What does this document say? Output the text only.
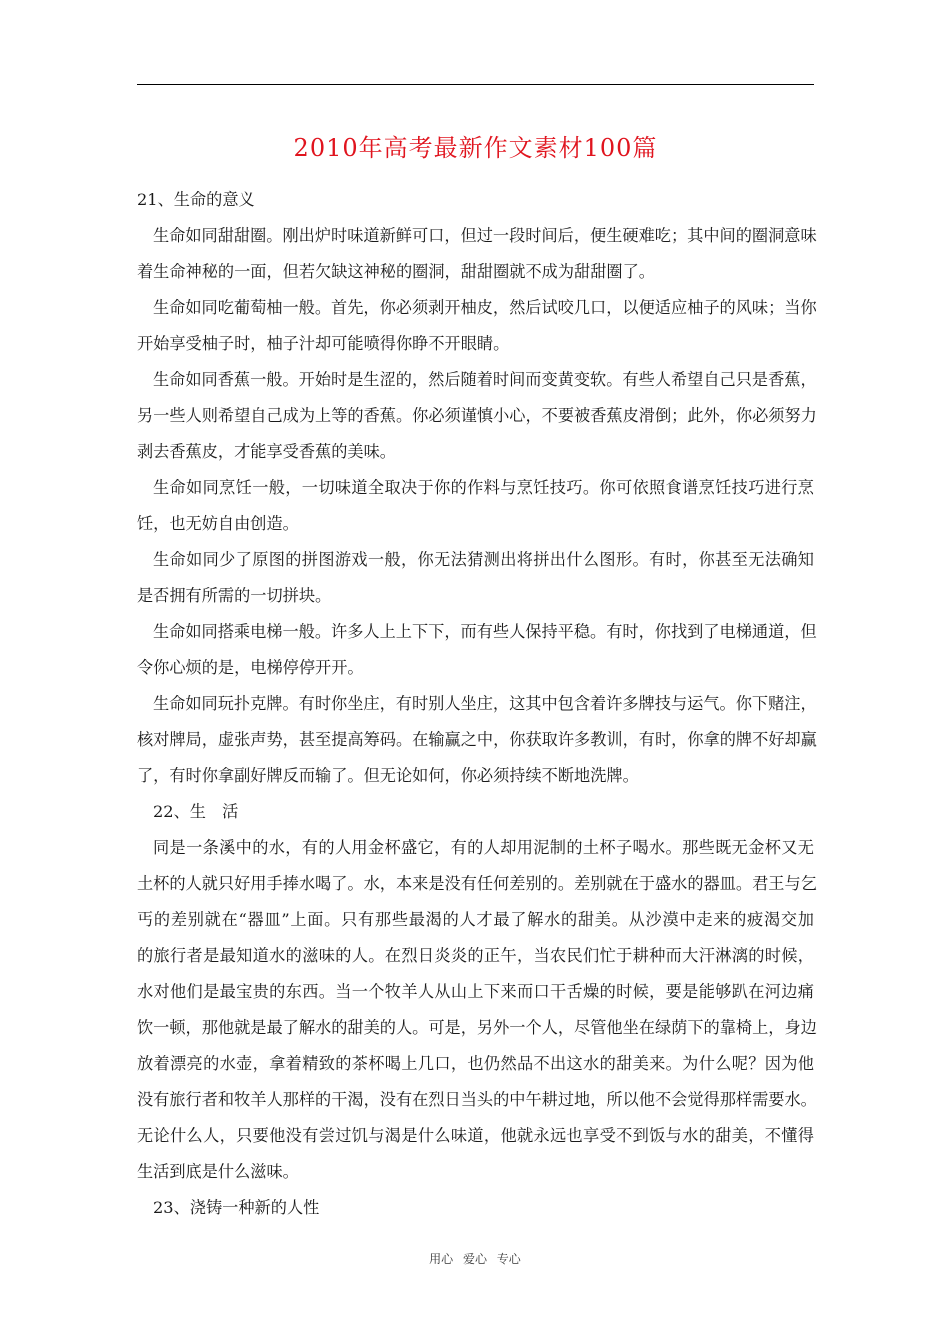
2010年高考最新作文素材100篇
21、生命的意义
生命如同甜甜圈。刚出炉时味道新鲜可口，但过一段时间后，便生硬难吃；其中间的圈洞意味
着生命神秘的一面，但若欠缺这神秘的圈洞，甜甜圈就不成为甜甜圈了。
生命如同吃葡萄柚一般。首先，你必须剥开柚皮，然后试咬几口，以便适应柚子的风味；当你
开始享受柚子时，柚子汁却可能喷得你睁不开眼睛。
生命如同香蕉一般。开始时是生涩的，然后随着时间而变黄变软。有些人希望自己只是香蕉，
另一些人则希望自己成为上等的香蕉。你必须谨慎小心，不要被香蕉皮滑倒；此外，你必须努力
剥去香蕉皮，才能享受香蕉的美味。
生命如同烹饪一般，一切味道全取决于你的作料与烹饪技巧。你可依照食谱烹饪技巧进行烹
饪，也无妨自由创造。
生命如同少了原图的拼图游戏一般，你无法猜测出将拼出什么图形。有时，你甚至无法确知
是否拥有所需的一切拼块。
生命如同搭乘电梯一般。许多人上上下下，而有些人保持平稳。有时，你找到了电梯通道，但
令你心烦的是，电梯停停开开。
生命如同玩扑克牌。有时你坐庄，有时别人坐庄，这其中包含着许多牌技与运气。你下赌注，
核对牌局，虚张声势，甚至提高筹码。在输赢之中，你获取许多教训，有时，你拿的牌不好却赢
了，有时你拿副好牌反而输了。但无论如何，你必须持续不断地洗牌。
22、生　活
同是一条溪中的水，有的人用金杯盛它，有的人却用泥制的土杯子喝水。那些既无金杯又无
土杯的人就只好用手捧水喝了。水，本来是没有任何差别的。差别就在于盛水的器皿。君王与乞
丐的差别就在“器皿”上面。只有那些最渴的人才最了解水的甜美。从沙漠中走来的疲渴交加
的旅行者是最知道水的滋味的人。在烈日炎炎的正午，当农民们忙于耕种而大汗淋漓的时候，
水对他们是最宝贵的东西。当一个牧羊人从山上下来而口干舌燥的时候，要是能够趴在河边痛
饮一顿，那他就是最了解水的甜美的人。可是，另外一个人，尽管他坐在绿荫下的靠椅上，身边
放着漂亮的水壶，拿着精致的茶杯喝上几口，也仍然品不出这水的甜美来。为什么呢？因为他
没有旅行者和牧羊人那样的干渴，没有在烈日当头的中午耕过地，所以他不会觉得那样需要水。
无论什么人，只要他没有尝过饥与渴是什么味道，他就永远也享受不到饭与水的甜美，不懂得
生活到底是什么滋味。
23、浇铸一种新的人性
用心 爱心 专心
